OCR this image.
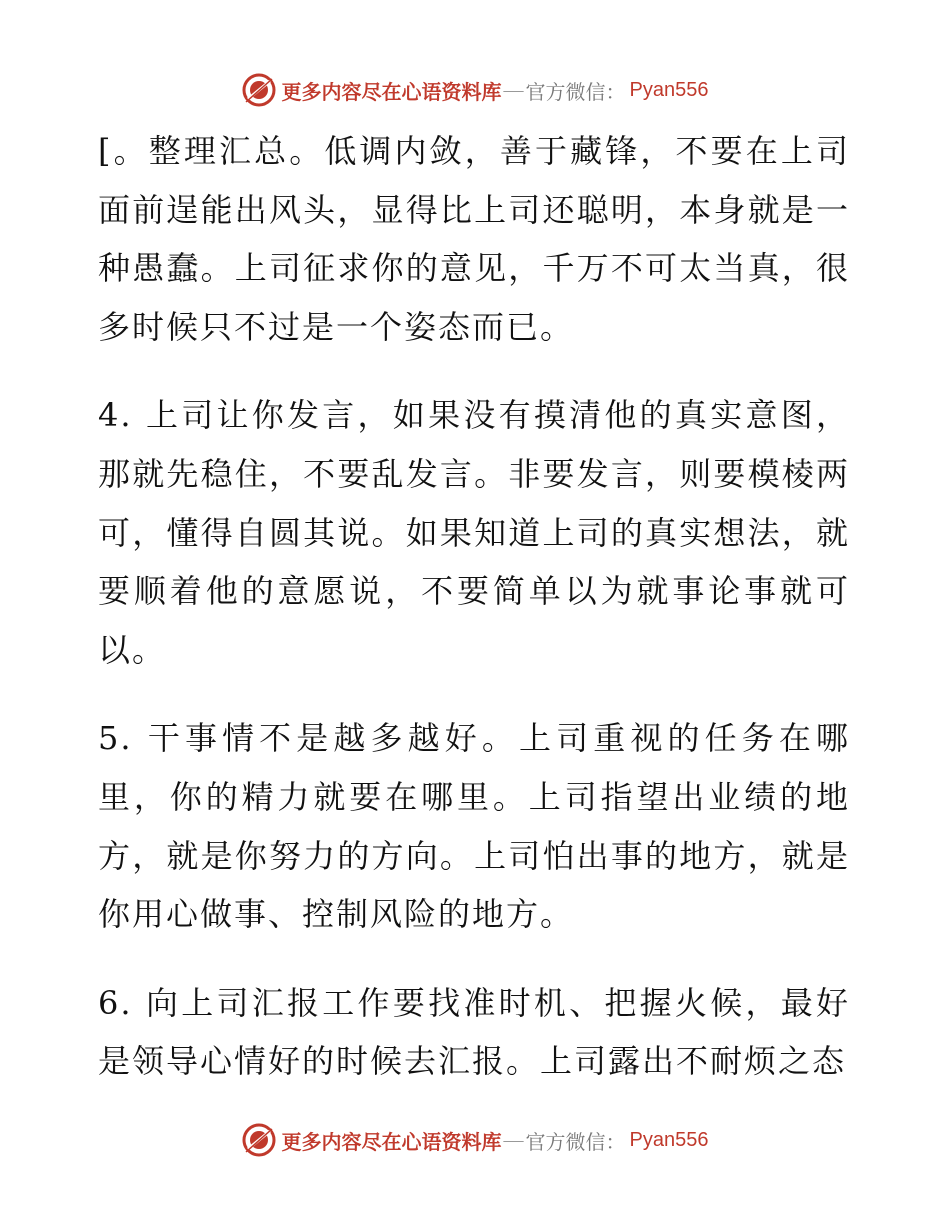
更多内容尽在心语资料库 — 官方微信： Pyan556

[。整理汇总。低调内敛，善于藏锋，不要在上司面前逞能出风头，显得比上司还聪明，本身就是一种愚蠢。上司征求你的意见，千万不可太当真，很多时候只不过是一个姿态而已。

4. 上司让你发言，如果没有摸清他的真实意图，那就先稳住，不要乱发言。非要发言，则要模棱两可，懂得自圆其说。如果知道上司的真实想法，就要顺着他的意愿说，不要简单以为就事论事就可以。

5. 干事情不是越多越好。上司重视的任务在哪里，你的精力就要在哪里。上司指望出业绩的地方，就是你努力的方向。上司怕出事的地方，就是你用心做事、控制风险的地方。

6. 向上司汇报工作要找准时机、把握火候，最好是领导心情好的时候去汇报。上司露出不耐烦之态

更多内容尽在心语资料库 — 官方微信： Pyan556
